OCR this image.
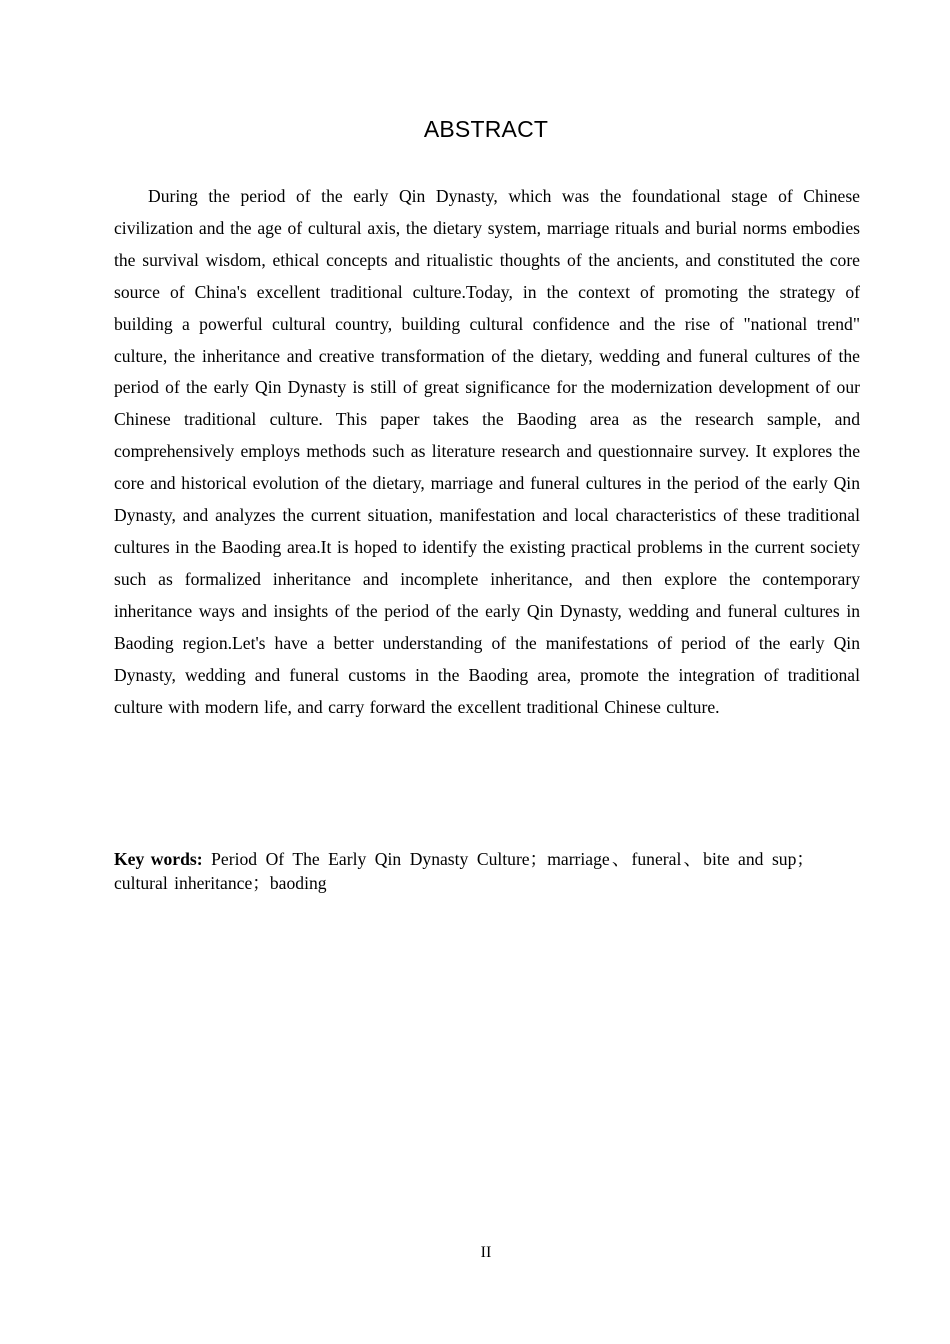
ABSTRACT

During the period of the early Qin Dynasty, which was the foundational stage of Chinese civilization and the age of cultural axis, the dietary system, marriage rituals and burial norms embodies the survival wisdom, ethical concepts and ritualistic thoughts of the ancients, and constituted the core source of China's excellent traditional culture.Today, in the context of promoting the strategy of building a powerful cultural country, building cultural confidence and the rise of "national trend" culture, the inheritance and creative transformation of the dietary, wedding and funeral cultures of the period of the early Qin Dynasty is still of great significance for the modernization development of our Chinese traditional culture. This paper takes the Baoding area as the research sample, and comprehensively employs methods such as literature research and questionnaire survey. It explores the core and historical evolution of the dietary, marriage and funeral cultures in the period of the early Qin Dynasty, and analyzes the current situation, manifestation and local characteristics of these traditional cultures in the Baoding area.It is hoped to identify the existing practical problems in the current society such as formalized inheritance and incomplete inheritance, and then explore the contemporary inheritance ways and insights of the period of the early Qin Dynasty, wedding and funeral cultures in Baoding region.Let's have a better understanding of the manifestations of period of the early Qin Dynasty, wedding and funeral customs in the Baoding area, promote the integration of traditional culture with modern life, and carry forward the excellent traditional Chinese culture.

Key words: Period Of The Early Qin Dynasty Culture；marriage、funeral、bite and sup；cultural inheritance；baoding

II
